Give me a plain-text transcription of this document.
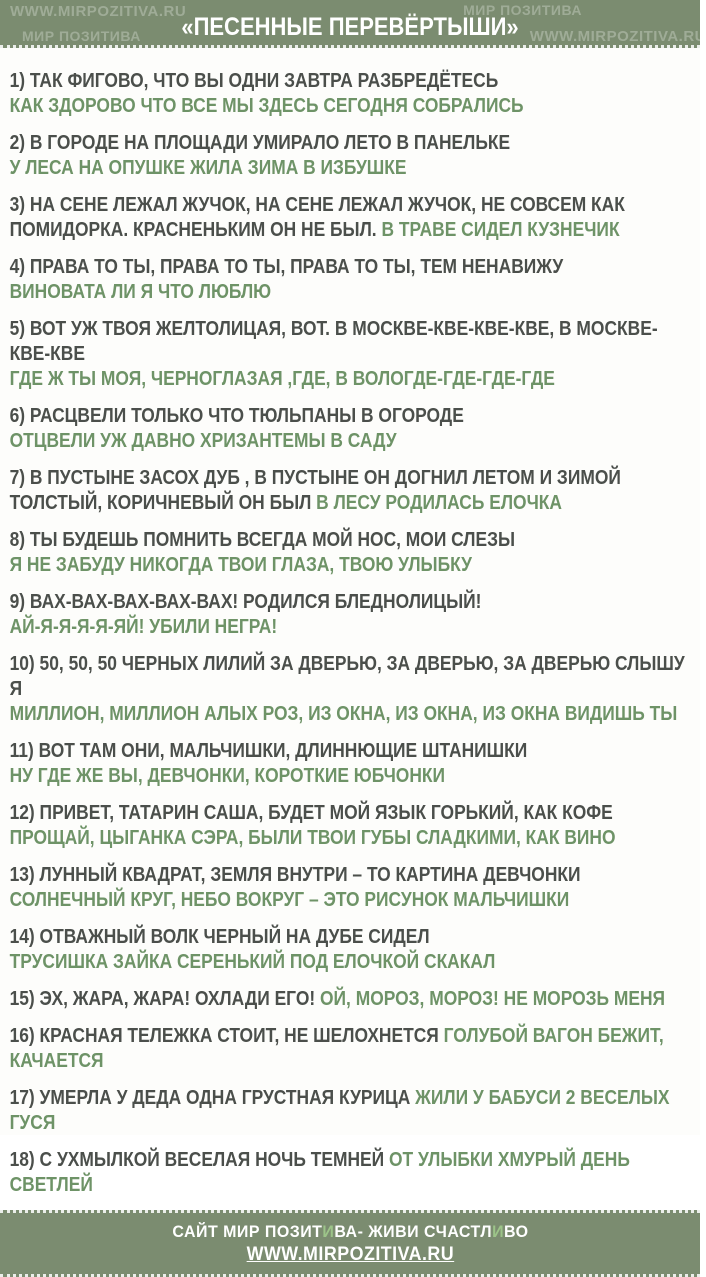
WWW.MIRPOZITIVA.RU	МИР ПОЗИТИВА
МИР ПОЗИТИВА	WWW.MIRPOZITIVA.RU
«ПЕСЕННЫЕ ПЕРЕВЁРТЫШИ»
1) ТАК ФИГОВО, ЧТО ВЫ ОДНИ ЗАВТРА РАЗБРЕДЁТЕСЬ
КАК ЗДОРОВО ЧТО ВСЕ МЫ ЗДЕСЬ СЕГОДНЯ СОБРАЛИСЬ
2) В ГОРОДЕ НА ПЛОЩАДИ УМИРАЛО ЛЕТО В ПАНЕЛЬКЕ
У ЛЕСА НА ОПУШКЕ ЖИЛА ЗИМА В ИЗБУШКЕ
3) НА СЕНЕ ЛЕЖАЛ ЖУЧОК, НА СЕНЕ ЛЕЖАЛ ЖУЧОК, НЕ СОВСЕМ КАК ПОМИДОРКА. КРАСНЕНЬКИМ ОН НЕ БЫЛ. В ТРАВЕ СИДЕЛ КУЗНЕЧИК
4) ПРАВА ТО ТЫ, ПРАВА ТО ТЫ, ПРАВА ТО ТЫ, ТЕМ НЕНАВИЖУ
ВИНОВАТА ЛИ Я ЧТО ЛЮБЛЮ
5) ВОТ УЖ ТВОЯ ЖЕЛТОЛИЦАЯ, ВОТ. В МОСКВЕ-КВЕ-КВЕ-КВЕ, В МОСКВЕ-КВЕ-КВЕ
ГДЕ Ж ТЫ МОЯ, ЧЕРНОГЛАЗАЯ ,ГДЕ, В ВОЛОГДЕ-ГДЕ-ГДЕ-ГДЕ
6) РАСЦВЕЛИ ТОЛЬКО ЧТО ТЮЛЬПАНЫ В ОГОРОДЕ
ОТЦВЕЛИ УЖ ДАВНО ХРИЗАНТЕМЫ В САДУ
7) В ПУСТЫНЕ ЗАСОХ ДУБ , В ПУСТЫНЕ ОН ДОГНИЛ ЛЕТОМ И ЗИМОЙ ТОЛСТЫЙ, КОРИЧНЕВЫЙ ОН БЫЛ В ЛЕСУ РОДИЛАСЬ ЕЛОЧКА
8) ТЫ БУДЕШЬ ПОМНИТЬ ВСЕГДА МОЙ НОС, МОИ СЛЕЗЫ
Я НЕ ЗАБУДУ НИКОГДА ТВОИ ГЛАЗА, ТВОЮ УЛЫБКУ
9) ВАХ-ВАХ-ВАХ-ВАХ-ВАХ! РОДИЛСЯ БЛЕДНОЛИЦЫЙ!
АЙ-Я-Я-Я-Я-ЯЙ! УБИЛИ НЕГРА!
10) 50, 50, 50 ЧЕРНЫХ ЛИЛИЙ ЗА ДВЕРЬЮ, ЗА ДВЕРЬЮ, ЗА ДВЕРЬЮ СЛЫШУ Я
МИЛЛИОН, МИЛЛИОН АЛЫХ РОЗ, ИЗ ОКНА, ИЗ ОКНА, ИЗ ОКНА ВИДИШЬ ТЫ
11) ВОТ ТАМ ОНИ, МАЛЬЧИШКИ, ДЛИННЮЩИЕ ШТАНИШКИ
НУ ГДЕ ЖЕ ВЫ, ДЕВЧОНКИ, КОРОТКИЕ ЮБЧОНКИ
12) ПРИВЕТ, ТАТАРИН САША, БУДЕТ МОЙ ЯЗЫК ГОРЬКИЙ, КАК КОФЕ
ПРОЩАЙ, ЦЫГАНКА СЭРА, БЫЛИ ТВОИ ГУБЫ СЛАДКИМИ, КАК ВИНО
13) ЛУННЫЙ КВАДРАТ, ЗЕМЛЯ ВНУТРИ – ТО КАРТИНА ДЕВЧОНКИ
СОЛНЕЧНЫЙ КРУГ, НЕБО ВОКРУГ – ЭТО РИСУНОК МАЛЬЧИШКИ
14) ОТВАЖНЫЙ ВОЛК ЧЕРНЫЙ НА ДУБЕ СИДЕЛ
ТРУСИШКА ЗАЙКА СЕРЕНЬКИЙ ПОД ЕЛОЧКОЙ СКАКАЛ
15) ЭХ, ЖАРА, ЖАРА! ОХЛАДИ ЕГО! ОЙ, МОРОЗ, МОРОЗ! НЕ МОРОЗЬ МЕНЯ
16) КРАСНАЯ ТЕЛЕЖКА СТОИТ, НЕ ШЕЛОХНЕТСЯ ГОЛУБОЙ ВАГОН БЕЖИТ, КАЧАЕТСЯ
17) УМЕРЛА У ДЕДА ОДНА ГРУСТНАЯ КУРИЦА ЖИЛИ У БАБУСИ 2 ВЕСЕЛЫХ ГУСЯ
18) С УХМЫЛКОЙ ВЕСЕЛАЯ НОЧЬ ТЕМНЕЙ ОТ УЛЫБКИ ХМУРЫЙ ДЕНЬ СВЕТЛЕЙ
САЙТ МИР ПОЗИТИВА- ЖИВИ СЧАСТЛИВО
WWW.MIRPOZITIVA.RU
